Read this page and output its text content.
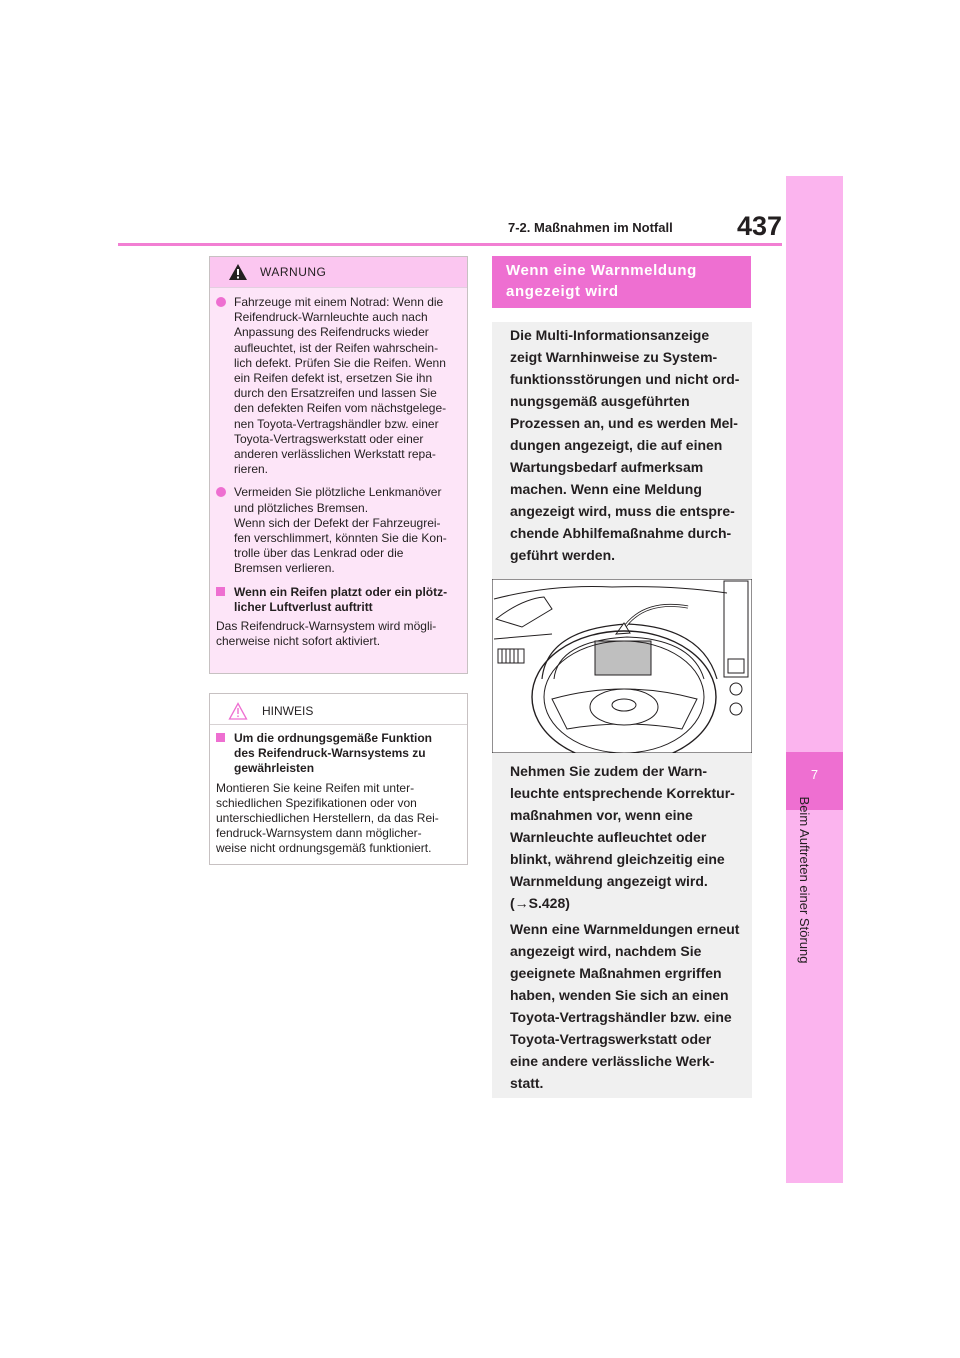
437
7-2. Maßnahmen im Notfall
7
Beim Auftreten einer Störung
WARNUNG
Fahrzeuge mit einem Notrad: Wenn die
Reifendruck-Warnleuchte auch nach
Anpassung des Reifendrucks wieder
aufleuchtet, ist der Reifen wahrschein-
lich defekt. Prüfen Sie die Reifen. Wenn
ein Reifen defekt ist, ersetzen Sie ihn
durch den Ersatzreifen und lassen Sie
den defekten Reifen vom nächstgelege-
nen Toyota-Vertragshändler bzw. einer
Toyota-Vertragswerkstatt oder einer
anderen verlässlichen Werkstatt repa-
rieren.
Vermeiden Sie plötzliche Lenkmanöver
und plötzliches Bremsen.
Wenn sich der Defekt der Fahrzeugrei-
fen verschlimmert, könnten Sie die Kon-
trolle über das Lenkrad oder die
Bremsen verlieren.
Wenn ein Reifen platzt oder ein plötz-
licher Luftverlust auftritt
Das Reifendruck-Warnsystem wird mögli-
cherweise nicht sofort aktiviert.
HINWEIS
Um die ordnungsgemäße Funktion
des Reifendruck-Warnsystems zu
gewährleisten
Montieren Sie keine Reifen mit unter-
schiedlichen Spezifikationen oder von
unterschiedlichen Herstellern, da das Rei-
fendruck-Warnsystem dann möglicher-
weise nicht ordnungsgemäß funktioniert.
Wenn eine Warnmeldung angezeigt wird
Die Multi-Informationsanzeige
zeigt Warnhinweise zu System-
funktionsstörungen und nicht ord-
nungsgemäß ausgeführten
Prozessen an, und es werden Mel-
dungen angezeigt, die auf einen
Wartungsbedarf aufmerksam
machen. Wenn eine Meldung
angezeigt wird, muss die entspre-
chende Abhilfemaßnahme durch-
geführt werden.
Nehmen Sie zudem der Warn-
leuchte entsprechende Korrektur-
maßnahmen vor, wenn eine
Warnleuchte aufleuchtet oder
blinkt, während gleichzeitig eine
Warnmeldung angezeigt wird.
(→S.428)
Wenn eine Warnmeldungen erneut
angezeigt wird, nachdem Sie
geeignete Maßnahmen ergriffen
haben, wenden Sie sich an einen
Toyota-Vertragshändler bzw. eine
Toyota-Vertragswerkstatt oder
eine andere verlässliche Werk-
statt.
